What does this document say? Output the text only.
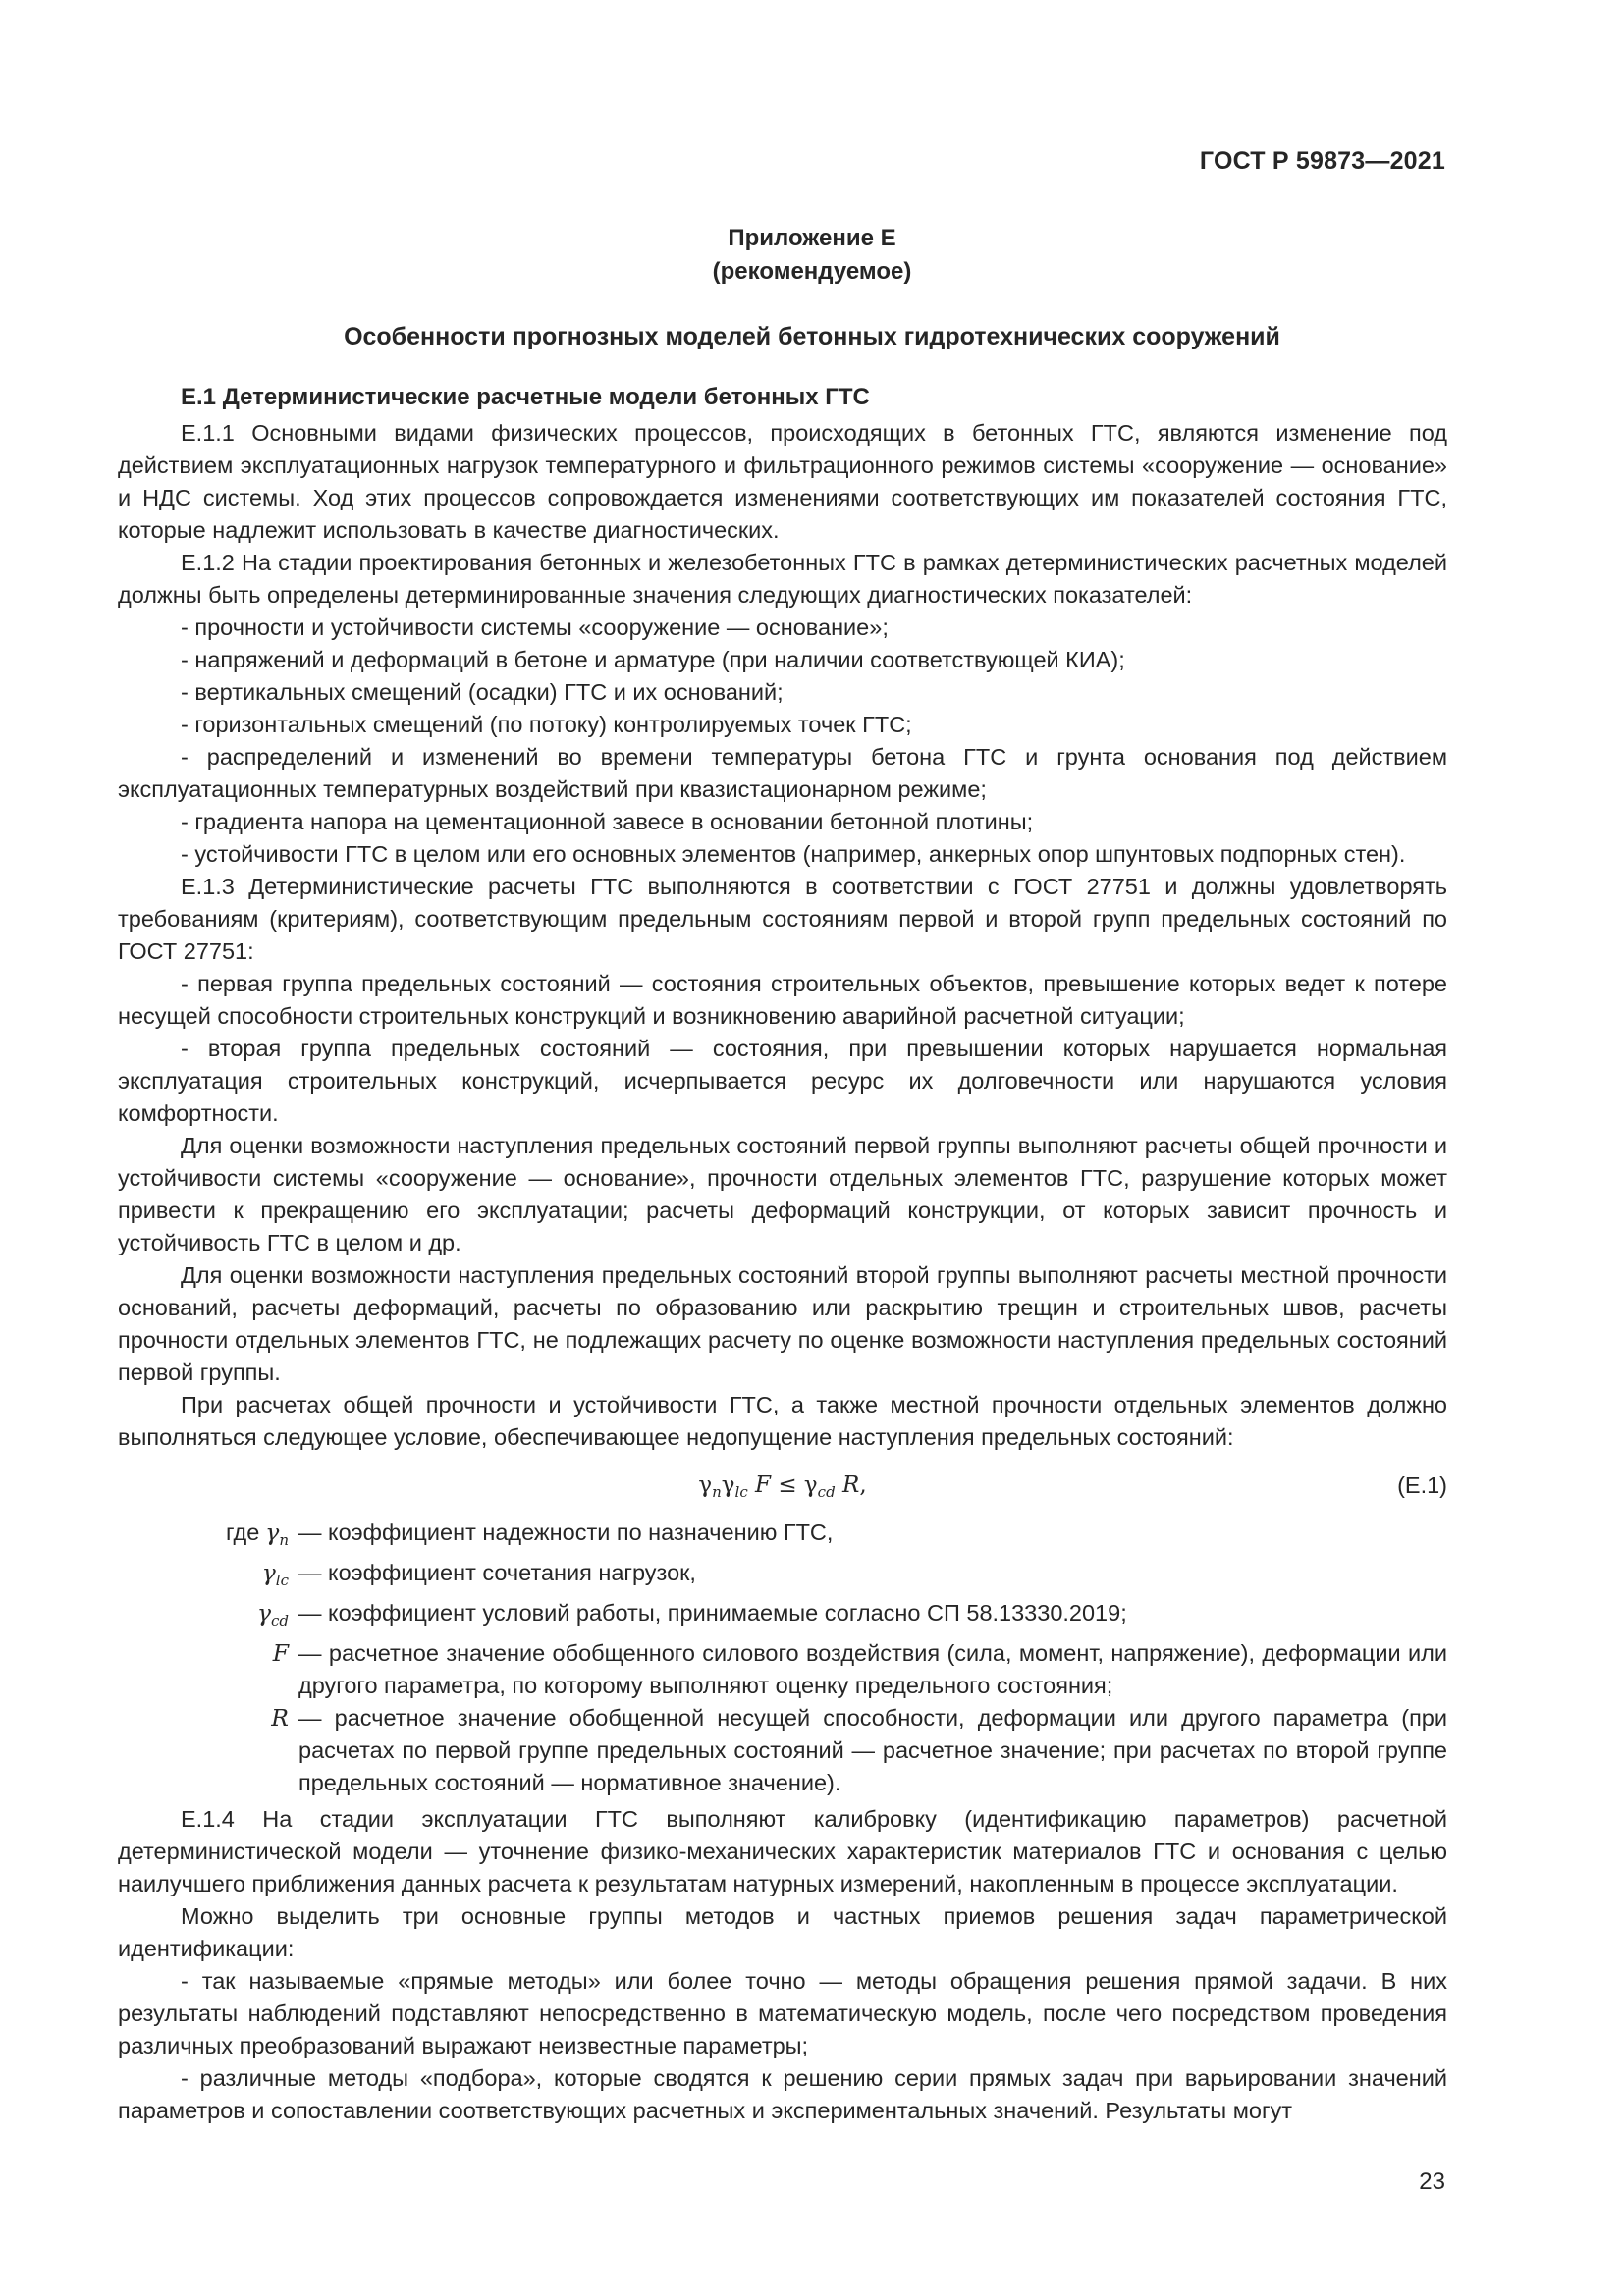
ГОСТ Р 59873—2021
Приложение Е
(рекомендуемое)
Особенности прогнозных моделей бетонных гидротехнических сооружений
Е.1 Детерминистические расчетные модели бетонных ГТС

Е.1.1 Основными видами физических процессов, происходящих в бетонных ГТС, являются изменение под действием эксплуатационных нагрузок температурного и фильтрационного режимов системы «сооружение — основание» и НДС системы. Ход этих процессов сопровождается изменениями соответствующих им показателей состояния ГТС, которые надлежит использовать в качестве диагностических.

Е.1.2 На стадии проектирования бетонных и железобетонных ГТС в рамках детерминистических расчетных моделей должны быть определены детерминированные значения следующих диагностических показателей:

- прочности и устойчивости системы «сооружение — основание»;

- напряжений и деформаций в бетоне и арматуре (при наличии соответствующей КИА);

- вертикальных смещений (осадки) ГТС и их оснований;

- горизонтальных смещений (по потоку) контролируемых точек ГТС;

- распределений и изменений во времени температуры бетона ГТС и грунта основания под действием эксплуатационных температурных воздействий при квазистационарном режиме;

- градиента напора на цементационной завесе в основании бетонной плотины;

- устойчивости ГТС в целом или его основных элементов (например, анкерных опор шпунтовых подпорных стен).

Е.1.3 Детерминистические расчеты ГТС выполняются в соответствии с ГОСТ 27751 и должны удовлетворять требованиям (критериям), соответствующим предельным состояниям первой и второй групп предельных состояний по ГОСТ 27751:

- первая группа предельных состояний — состояния строительных объектов, превышение которых ведет к потере несущей способности строительных конструкций и возникновению аварийной расчетной ситуации;

- вторая группа предельных состояний — состояния, при превышении которых нарушается нормальная эксплуатация строительных конструкций, исчерпывается ресурс их долговечности или нарушаются условия комфортности.

Для оценки возможности наступления предельных состояний первой группы выполняют расчеты общей прочности и устойчивости системы «сооружение — основание», прочности отдельных элементов ГТС, разрушение которых может привести к прекращению его эксплуатации; расчеты деформаций конструкции, от которых зависит прочность и устойчивость ГТС в целом и др.

Для оценки возможности наступления предельных состояний второй группы выполняют расчеты местной прочности оснований, расчеты деформаций, расчеты по образованию или раскрытию трещин и строительных швов, расчеты прочности отдельных элементов ГТС, не подлежащих расчету по оценке возможности наступления предельных состояний первой группы.

При расчетах общей прочности и устойчивости ГТС, а также местной прочности отдельных элементов должно выполняться следующее условие, обеспечивающее недопущение наступления предельных состояний:

$\gamma_n\gamma_{lc}$ $F \le \gamma_{cd}$ R,	(Е.1)
где $\gamma_n$ — коэффициент надежности по назначению ГТС,
$\gamma_{lc}$ — коэффициент сочетания нагрузок,
$\gamma_{cd}$ — коэффициент условий работы, принимаемые согласно СП 58.13330.2019;
F — расчетное значение обобщенного силового воздействия (сила, момент, напряжение), деформации или другого параметра, по которому выполняют оценку предельного состояния;
R — расчетное значение обобщенной несущей способности, деформации или другого параметра (при расчетах по первой группе предельных состояний — расчетное значение; при расчетах по второй группе предельных состояний — нормативное значение).

Е.1.4 На стадии эксплуатации ГТС выполняют калибровку (идентификацию параметров) расчетной детерминистической модели — уточнение физико-механических характеристик материалов ГТС и основания с целью наилучшего приближения данных расчета к результатам натурных измерений, накопленным в процессе эксплуатации.

Можно выделить три основные группы методов и частных приемов решения задач параметрической идентификации:

- так называемые «прямые методы» или более точно — методы обращения решения прямой задачи. В них результаты наблюдений подставляют непосредственно в математическую модель, после чего посредством проведения различных преобразований выражают неизвестные параметры;

- различные методы «подбора», которые сводятся к решению серии прямых задач при варьировании значений параметров и сопоставлении соответствующих расчетных и экспериментальных значений. Результаты могут

23
